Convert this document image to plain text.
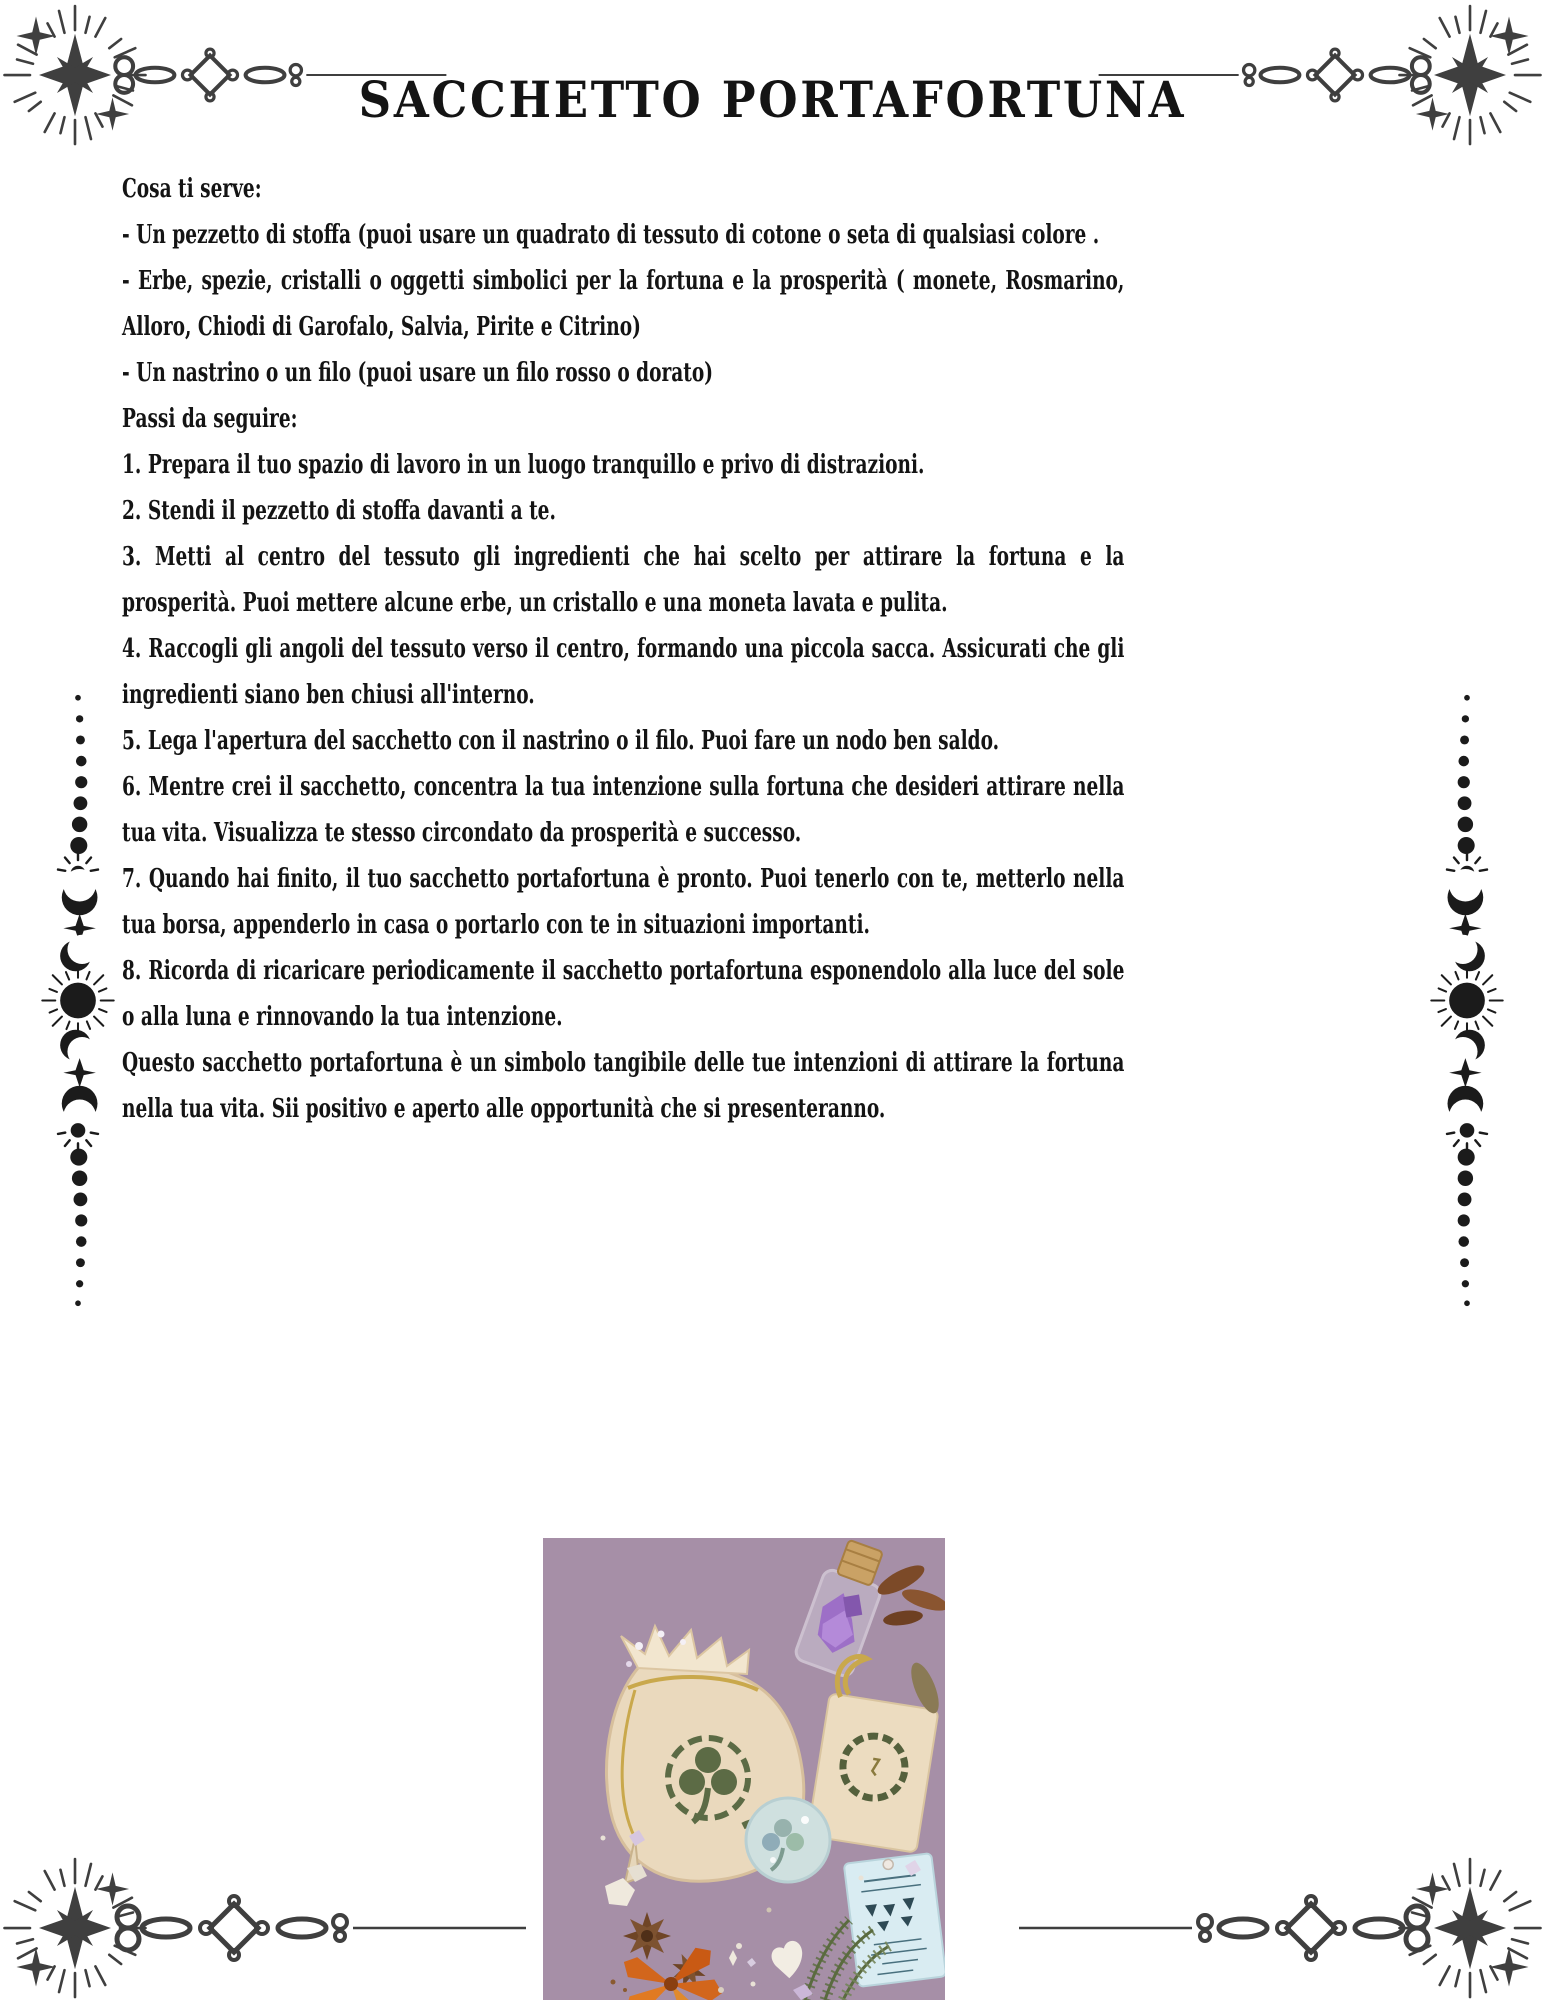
SACCHETTO PORTAFORTUNA
Cosa ti serve:

- Un pezzetto di stoffa (puoi usare un quadrato di tessuto di cotone o seta di qualsiasi colore .

- Erbe, spezie, cristalli o oggetti simbolici per la fortuna e la prosperità ( monete, Rosmarino, Alloro, Chiodi di Garofalo, Salvia, Pirite e Citrino)

- Un nastrino o un filo (puoi usare un filo rosso o dorato)

Passi da seguire:

1. Prepara il tuo spazio di lavoro in un luogo tranquillo e privo di distrazioni.

2. Stendi il pezzetto di stoffa davanti a te.

3. Metti al centro del tessuto gli ingredienti che hai scelto per attirare la fortuna e la prosperità. Puoi mettere alcune erbe, un cristallo e una moneta lavata e pulita.

4. Raccogli gli angoli del tessuto verso il centro, formando una piccola sacca. Assicurati che gli ingredienti siano ben chiusi all'interno.

5. Lega l'apertura del sacchetto con il nastrino o il filo. Puoi fare un nodo ben saldo.

6. Mentre crei il sacchetto, concentra la tua intenzione sulla fortuna che desideri attirare nella tua vita. Visualizza te stesso circondato da prosperità e successo.

7. Quando hai finito, il tuo sacchetto portafortuna è pronto. Puoi tenerlo con te, metterlo nella tua borsa, appenderlo in casa o portarlo con te in situazioni importanti.

8. Ricorda di ricaricare periodicamente il sacchetto portafortuna esponendolo alla luce del sole o alla luna e rinnovando la tua intenzione.

Questo sacchetto portafortuna è un simbolo tangibile delle tue intenzioni di attirare la fortuna nella tua vita. Sii positivo e aperto alle opportunità che si presenteranno.
